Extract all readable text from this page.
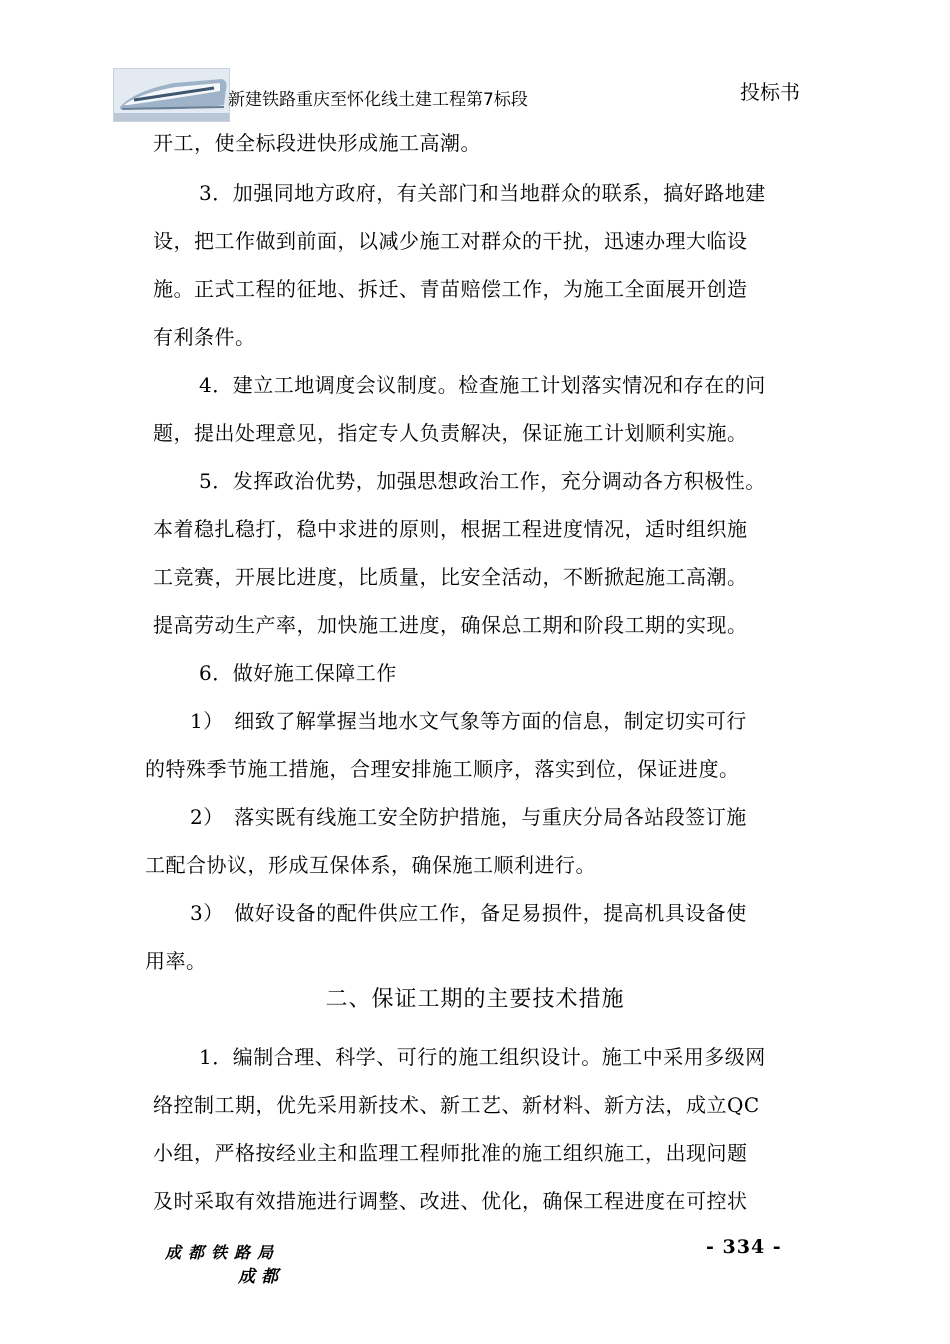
新建铁路重庆至怀化线土建工程第7标段	投标书
开工，使全标段进快形成施工高潮。
3．加强同地方政府，有关部门和当地群众的联系，搞好路地建
设，把工作做到前面，以减少施工对群众的干扰，迅速办理大临设
施。正式工程的征地、拆迁、青苗赔偿工作，为施工全面展开创造
有利条件。
4．建立工地调度会议制度。检查施工计划落实情况和存在的问
题，提出处理意见，指定专人负责解决，保证施工计划顺利实施。
5．发挥政治优势，加强思想政治工作，充分调动各方积极性。
本着稳扎稳打，稳中求进的原则，根据工程进度情况，适时组织施
工竞赛，开展比进度，比质量，比安全活动，不断掀起施工高潮。
提高劳动生产率，加快施工进度，确保总工期和阶段工期的实现。
6．做好施工保障工作
1）　细致了解掌握当地水文气象等方面的信息，制定切实可行
的特殊季节施工措施，合理安排施工顺序，落实到位，保证进度。
2）　落实既有线施工安全防护措施，与重庆分局各站段签订施
工配合协议，形成互保体系，确保施工顺利进行。
3）　做好设备的配件供应工作，备足易损件，提高机具设备使
用率。
二、保证工期的主要技术措施
1．编制合理、科学、可行的施工组织设计。施工中采用多级网
络控制工期，优先采用新技术、新工艺、新材料、新方法，成立QC
小组，严格按经业主和监理工程师批准的施工组织施工，出现问题
及时采取有效措施进行调整、改进、优化，确保工程进度在可控状
成都铁路局
成都
- 334 -
